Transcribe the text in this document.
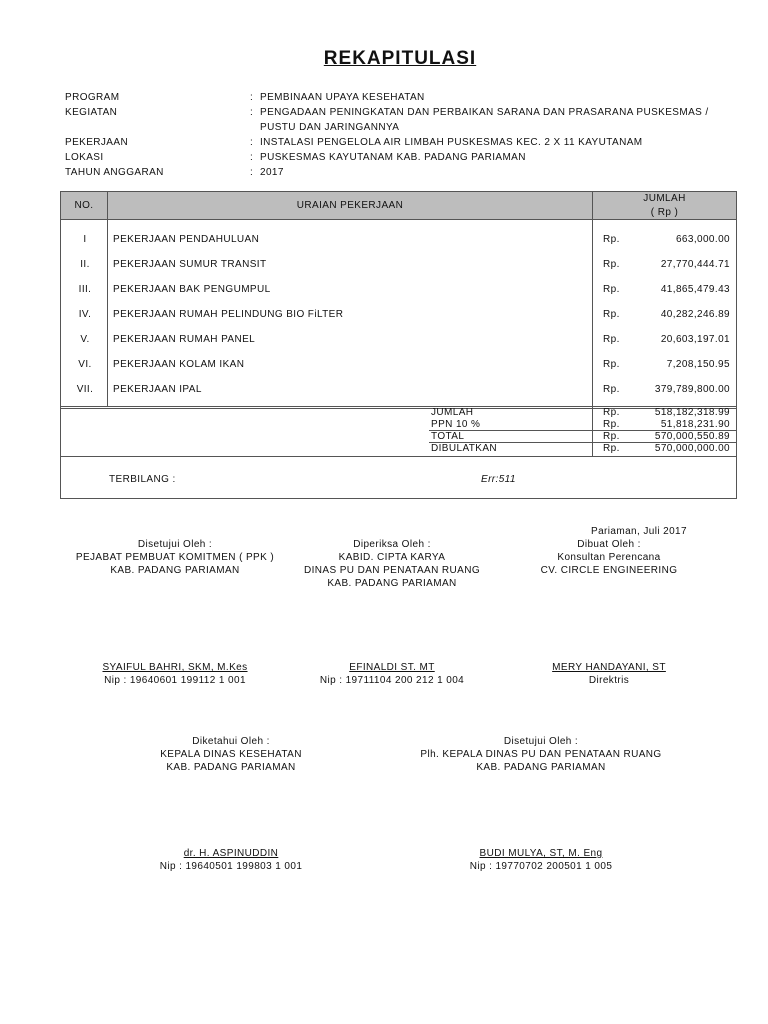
REKAPITULASI
PROGRAM	: PEMBINAAN UPAYA KESEHATAN
KEGIATAN	: PENGADAAN PENINGKATAN DAN PERBAIKAN SARANA DAN PRASARANA PUSKESMAS /
PUSTU DAN JARINGANNYA
PEKERJAAN	: INSTALASI PENGELOLA AIR LIMBAH PUSKESMAS KEC. 2 X 11 KAYUTANAM
LOKASI	: PUSKESMAS KAYUTANAM KAB. PADANG PARIAMAN
TAHUN ANGGARAN	: 2017
NO.	URAIAN PEKERJAAN
JUMLAH
( Rp )
I	PEKERJAAN PENDAHULUAN	Rp.	663,000.00
II.	PEKERJAAN SUMUR TRANSIT	Rp.	27,770,444.71
III.	PEKERJAAN BAK PENGUMPUL	Rp.	41,865,479.43
IV.	PEKERJAAN RUMAH PELINDUNG BIO FiLTER	Rp.	40,282,246.89
V.	PEKERJAAN RUMAH PANEL	Rp.	20,603,197.01
VI.	PEKERJAAN KOLAM IKAN	Rp.	7,208,150.95
VII.	PEKERJAAN IPAL	Rp.	379,789,800.00
JUMLAH	Rp.	518,182,318.99
PPN 10 %	Rp.	51,818,231.90
TOTAL	Rp.	570,000,550.89
DIBULATKAN	Rp.	570,000,000.00
TERBILANG :	Err:511
Pariaman, Juli 2017
Disetujui Oleh :
PEJABAT PEMBUAT KOMITMEN ( PPK )
KAB. PADANG PARIAMAN
SYAIFUL BAHRI, SKM, M.Kes
Nip : 19640601 199112 1 001
Diperiksa Oleh :
KABID. CIPTA KARYA
DINAS PU DAN PENATAAN RUANG
KAB. PADANG PARIAMAN
EFINALDI ST. MT
Nip : 19711104 200 212 1 004
Dibuat Oleh :
Konsultan Perencana
CV. CIRCLE ENGINEERING
MERY HANDAYANI, ST
Direktris
Diketahui Oleh :
KEPALA DINAS KESEHATAN
KAB. PADANG PARIAMAN
dr. H. ASPINUDDIN
Nip : 19640501 199803 1 001
Disetujui Oleh :
Plh. KEPALA DINAS PU DAN PENATAAN RUANG
KAB. PADANG PARIAMAN
BUDI MULYA, ST, M. Eng
Nip : 19770702 200501 1 005
